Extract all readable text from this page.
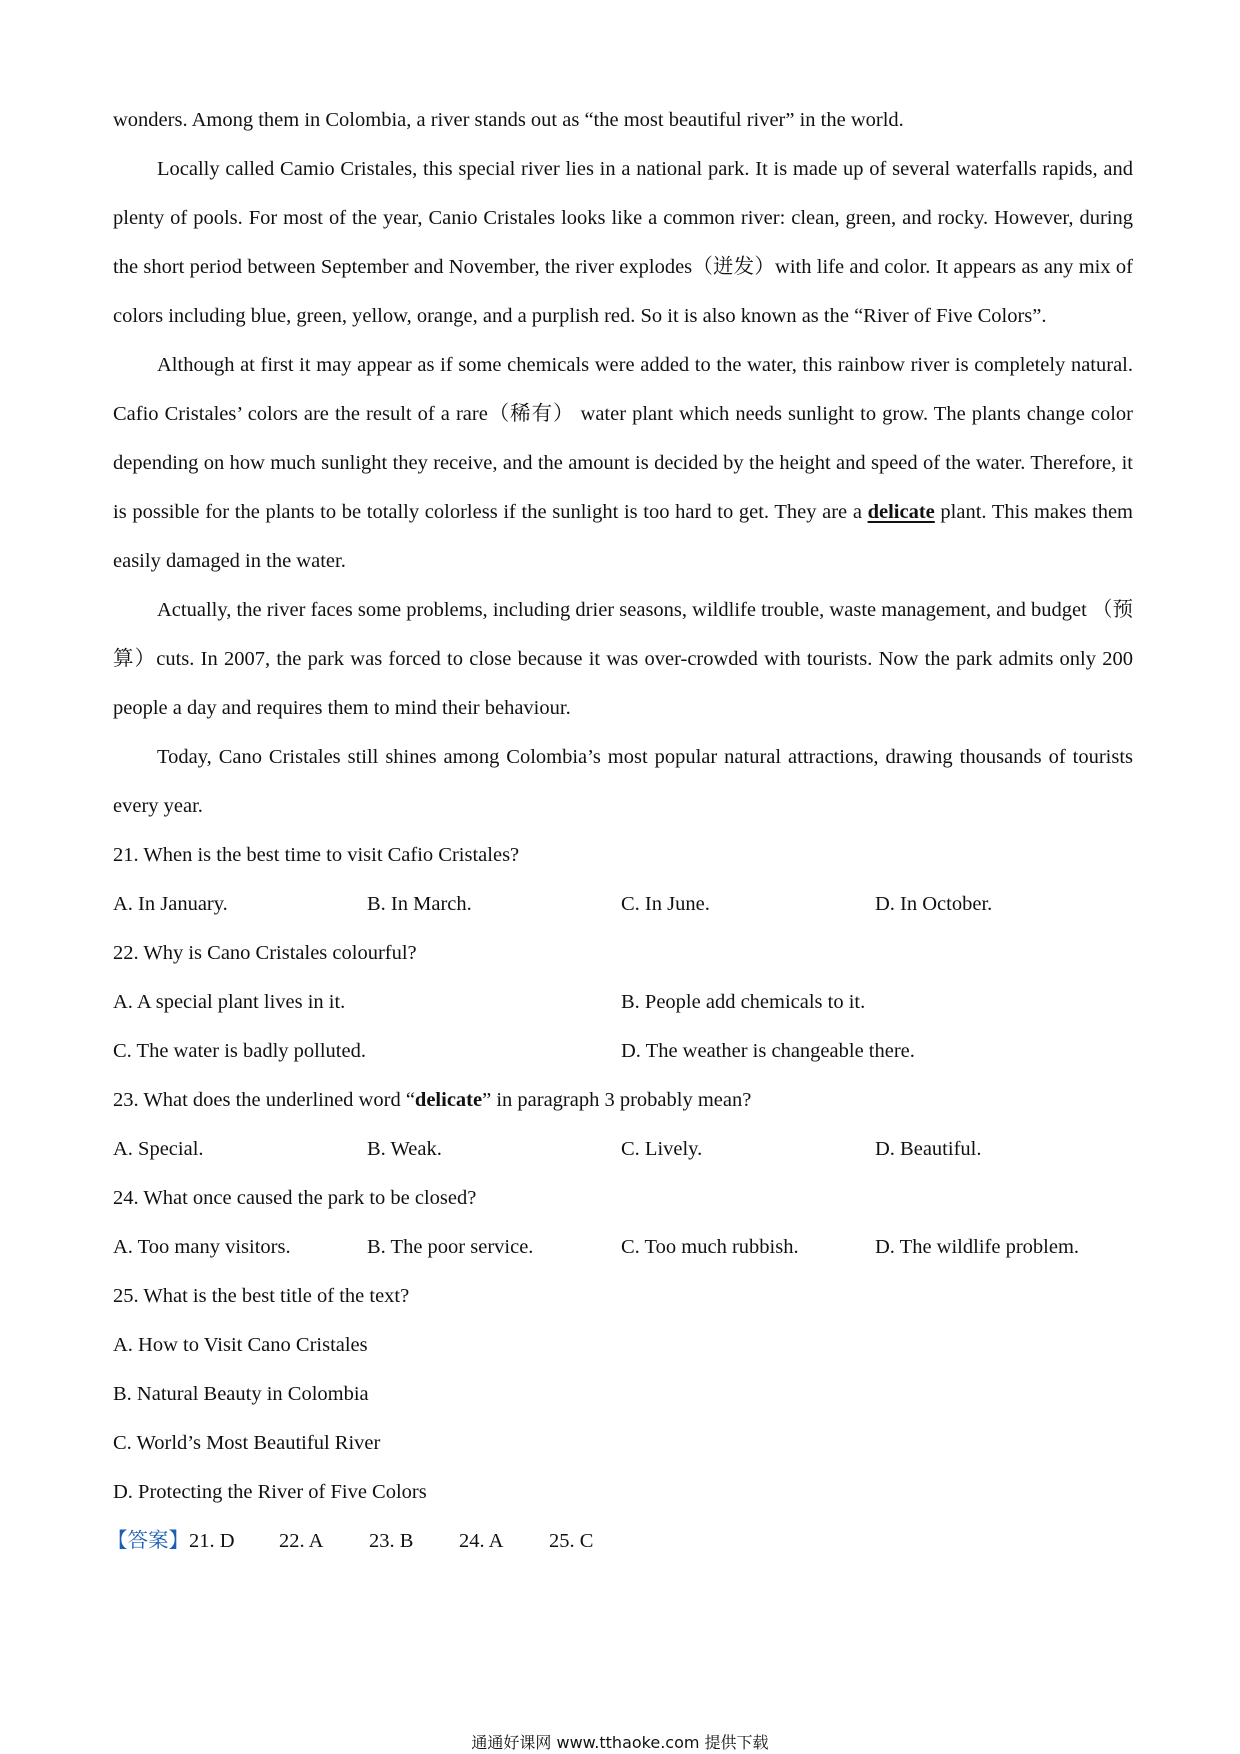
wonders. Among them in Colombia, a river stands out as “the most beautiful river” in the world.
Locally called Camio Cristales, this special river lies in a national park. It is made up of several waterfalls rapids, and plenty of pools. For most of the year, Canio Cristales looks like a common river: clean, green, and rocky. However, during the short period between September and November, the river explodes（迸发）with life and color. It appears as any mix of colors including blue, green, yellow, orange, and a purplish red. So it is also known as the “River of Five Colors”.
Although at first it may appear as if some chemicals were added to the water, this rainbow river is completely natural. Cafio Cristales’ colors are the result of a rare（稀有） water plant which needs sunlight to grow. The plants change color depending on how much sunlight they receive, and the amount is decided by the height and speed of the water. Therefore, it is possible for the plants to be totally colorless if the sunlight is too hard to get. They are a delicate plant. This makes them easily damaged in the water.
Actually, the river faces some problems, including drier seasons, wildlife trouble, waste management, and budget （预算）cuts. In 2007, the park was forced to close because it was over-crowded with tourists. Now the park admits only 200 people a day and requires them to mind their behaviour.
Today, Cano Cristales still shines among Colombia’s most popular natural attractions, drawing thousands of tourists every year.
21. When is the best time to visit Cafio Cristales?
A. In January.	B. In March.	C. In June.	D. In October.
22. Why is Cano Cristales colourful?
A. A special plant lives in it.	B. People add chemicals to it.
C. The water is badly polluted.	D. The weather is changeable there.
23. What does the underlined word “delicate” in paragraph 3 probably mean?
A. Special.	B. Weak.	C. Lively.	D. Beautiful.
24. What once caused the park to be closed?
A. Too many visitors.	B. The poor service.	C. Too much rubbish.	D. The wildlife problem.
25. What is the best title of the text?
A. How to Visit Cano Cristales
B. Natural Beauty in Colombia
C. World’s Most Beautiful River
D. Protecting the River of Five Colors
【答案】 21. D	22. A	23. B	24. A	25. C
通通好课网 www.tthaoke.com 提供下载
